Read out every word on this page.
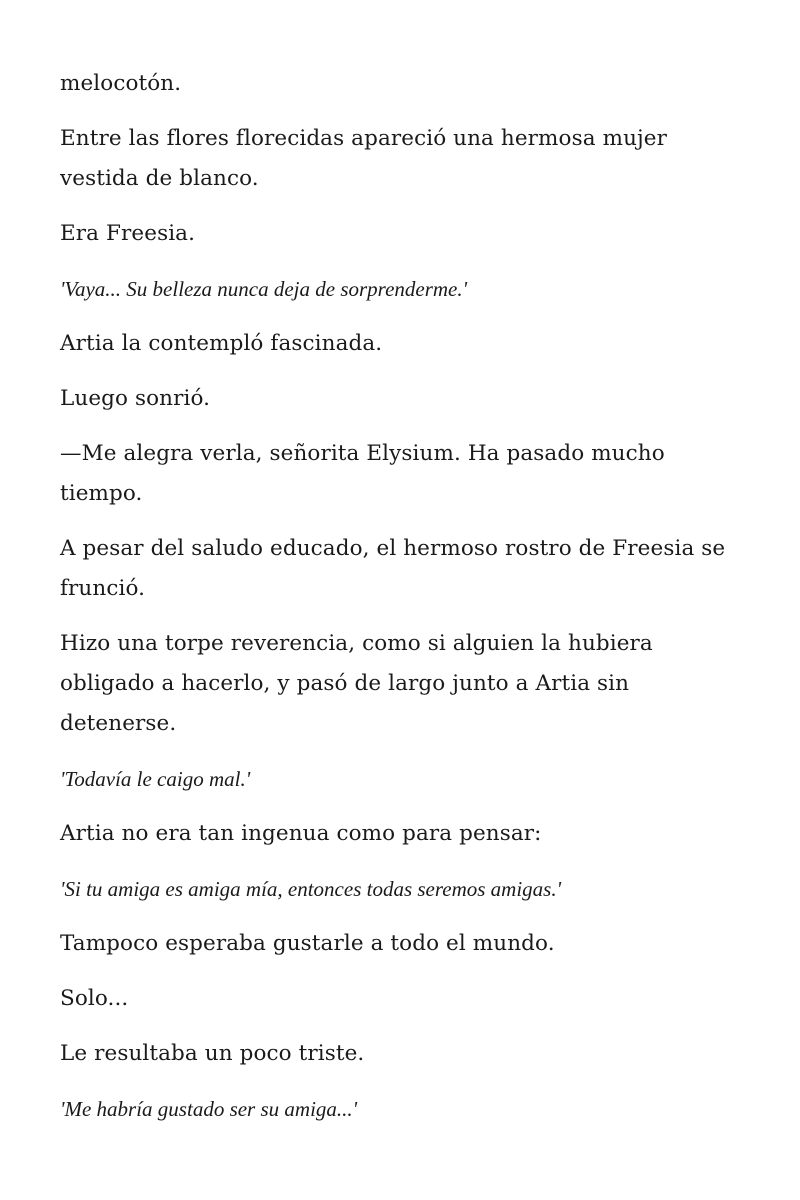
melocotón.

Entre las flores florecidas apareció una hermosa mujer vestida de blanco.

Era Freesia.

'Vaya... Su belleza nunca deja de sorprenderme.'

Artia la contempló fascinada.

Luego sonrió.

—Me alegra verla, señorita Elysium. Ha pasado mucho tiempo.

A pesar del saludo educado, el hermoso rostro de Freesia se frunció.

Hizo una torpe reverencia, como si alguien la hubiera obligado a hacerlo, y pasó de largo junto a Artia sin detenerse.

'Todavía le caigo mal.'

Artia no era tan ingenua como para pensar:

'Si tu amiga es amiga mía, entonces todas seremos amigas.'

Tampoco esperaba gustarle a todo el mundo.

Solo...

Le resultaba un poco triste.

'Me habría gustado ser su amiga...'
